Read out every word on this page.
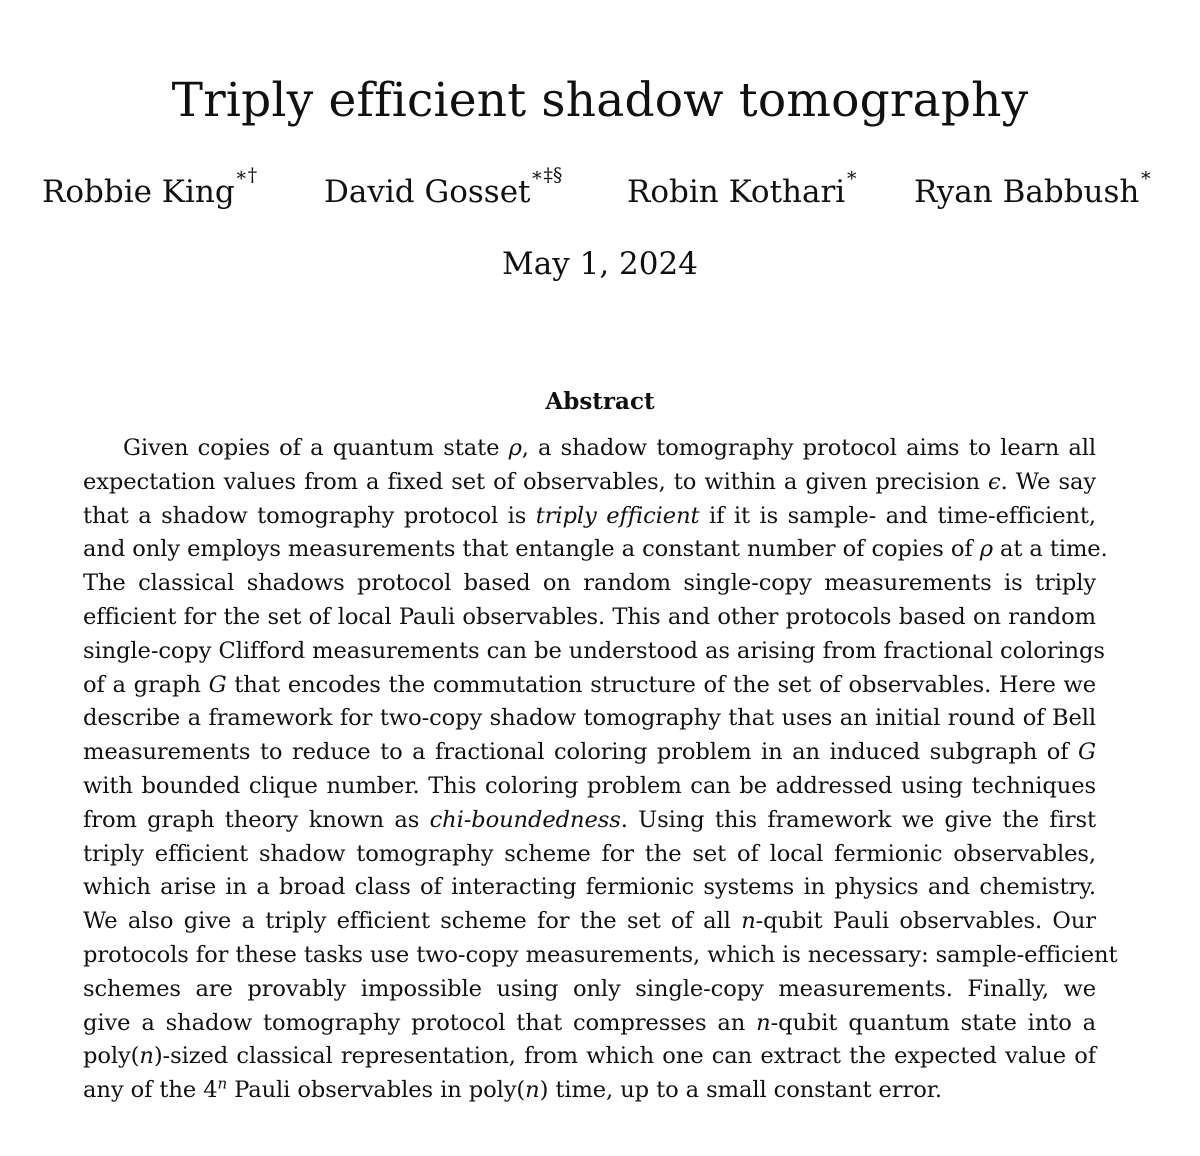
Triply efficient shadow tomography
Robbie King∗† David Gosset∗‡§ Robin Kothari∗ Ryan Babbush∗
May 1, 2024
Abstract
Given copies of a quantum state ρ, a shadow tomography protocol aims to learn all
expectation values from a fixed set of observables, to within a given precision ϵ. We say
that a shadow tomography protocol is triply efficient if it is sample- and time-efficient,
and only employs measurements that entangle a constant number of copies of ρ at a time.
The classical shadows protocol based on random single-copy measurements is triply
efficient for the set of local Pauli observables. This and other protocols based on random
single-copy Clifford measurements can be understood as arising from fractional colorings
of a graph G that encodes the commutation structure of the set of observables. Here we
describe a framework for two-copy shadow tomography that uses an initial round of Bell
measurements to reduce to a fractional coloring problem in an induced subgraph of G
with bounded clique number. This coloring problem can be addressed using techniques
from graph theory known as chi-boundedness. Using this framework we give the first
triply efficient shadow tomography scheme for the set of local fermionic observables,
which arise in a broad class of interacting fermionic systems in physics and chemistry.
We also give a triply efficient scheme for the set of all n-qubit Pauli observables. Our
protocols for these tasks use two-copy measurements, which is necessary: sample-efficient
schemes are provably impossible using only single-copy measurements. Finally, we
give a shadow tomography protocol that compresses an n-qubit quantum state into a
poly(n)-sized classical representation, from which one can extract the expected value of
any of the 4$^n$ Pauli observables in poly(n) time, up to a small constant error.
